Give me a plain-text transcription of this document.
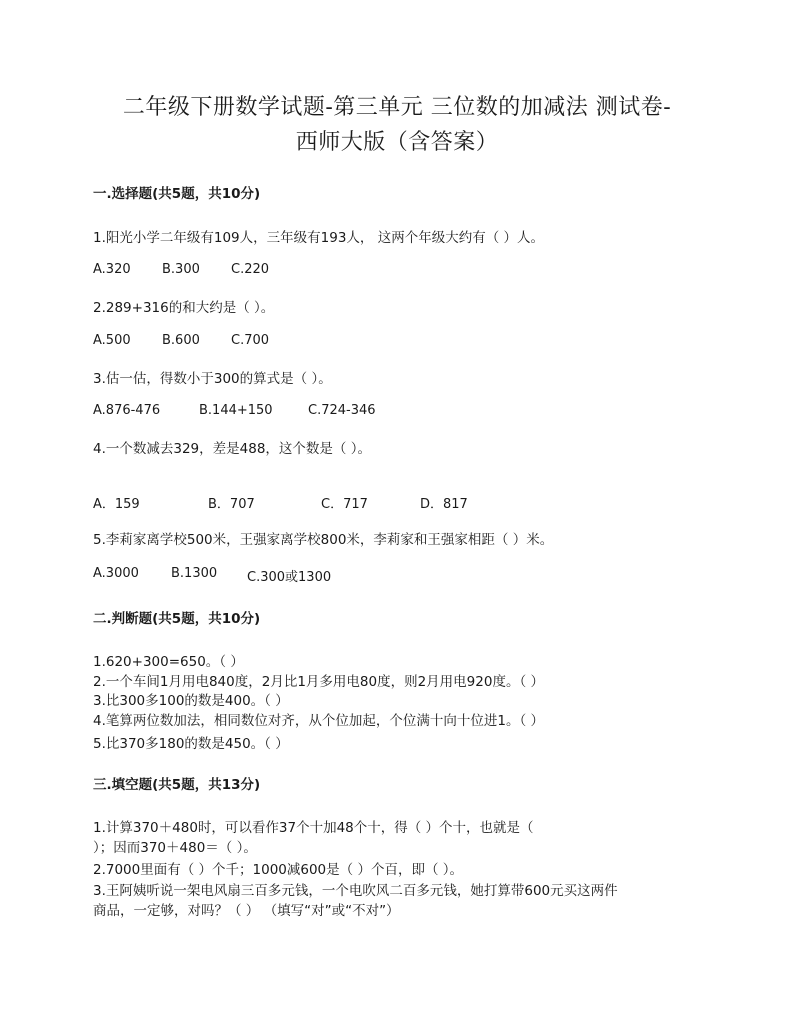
二年级下册数学试题-第三单元 三位数的加减法 测试卷-
西师大版（含答案）
一.选择题(共5题，共10分)
1.阳光小学二年级有109人，三年级有193人， 这两个年级大约有（ ）人。
A.320 B.300 C.220
2.289+316的和大约是（ ）。
A.500 B.600 C.700
3.估一估，得数小于300的算式是（ ）。
A.876-476	B.144+150	C.724-346
4.一个数减去329，差是488，这个数是（ ）。
A．159	B．707	C．717	D．817
5.李莉家离学校500米，王强家离学校800米，李莉家和王强家相距（ ）米。
A.3000 B.1300 C.300或1300
二.判断题(共5题，共10分)
1.620+300=650。（ ）
2.一个车间1月用电840度，2月比1月多用电80度，则2月用电920度。（ ）
3.比300多100的数是400。（ ）
4.笔算两位数加法，相同数位对齐，从个位加起，个位满十向十位进1。（ ）
5.比370多180的数是450。（ ）
三.填空题(共5题，共13分)
1.计算370＋480时，可以看作37个十加48个十，得（ ）个十，也就是（
）；因而370＋480＝（ ）。
2.7000里面有（ ）个千；1000减600是（ ）个百，即（ ）。
3.王阿姨听说一架电风扇三百多元钱，一个电吹风二百多元钱，她打算带600元买这两件
商品，一定够，对吗？（ ） （填写“对”或“不对”）
